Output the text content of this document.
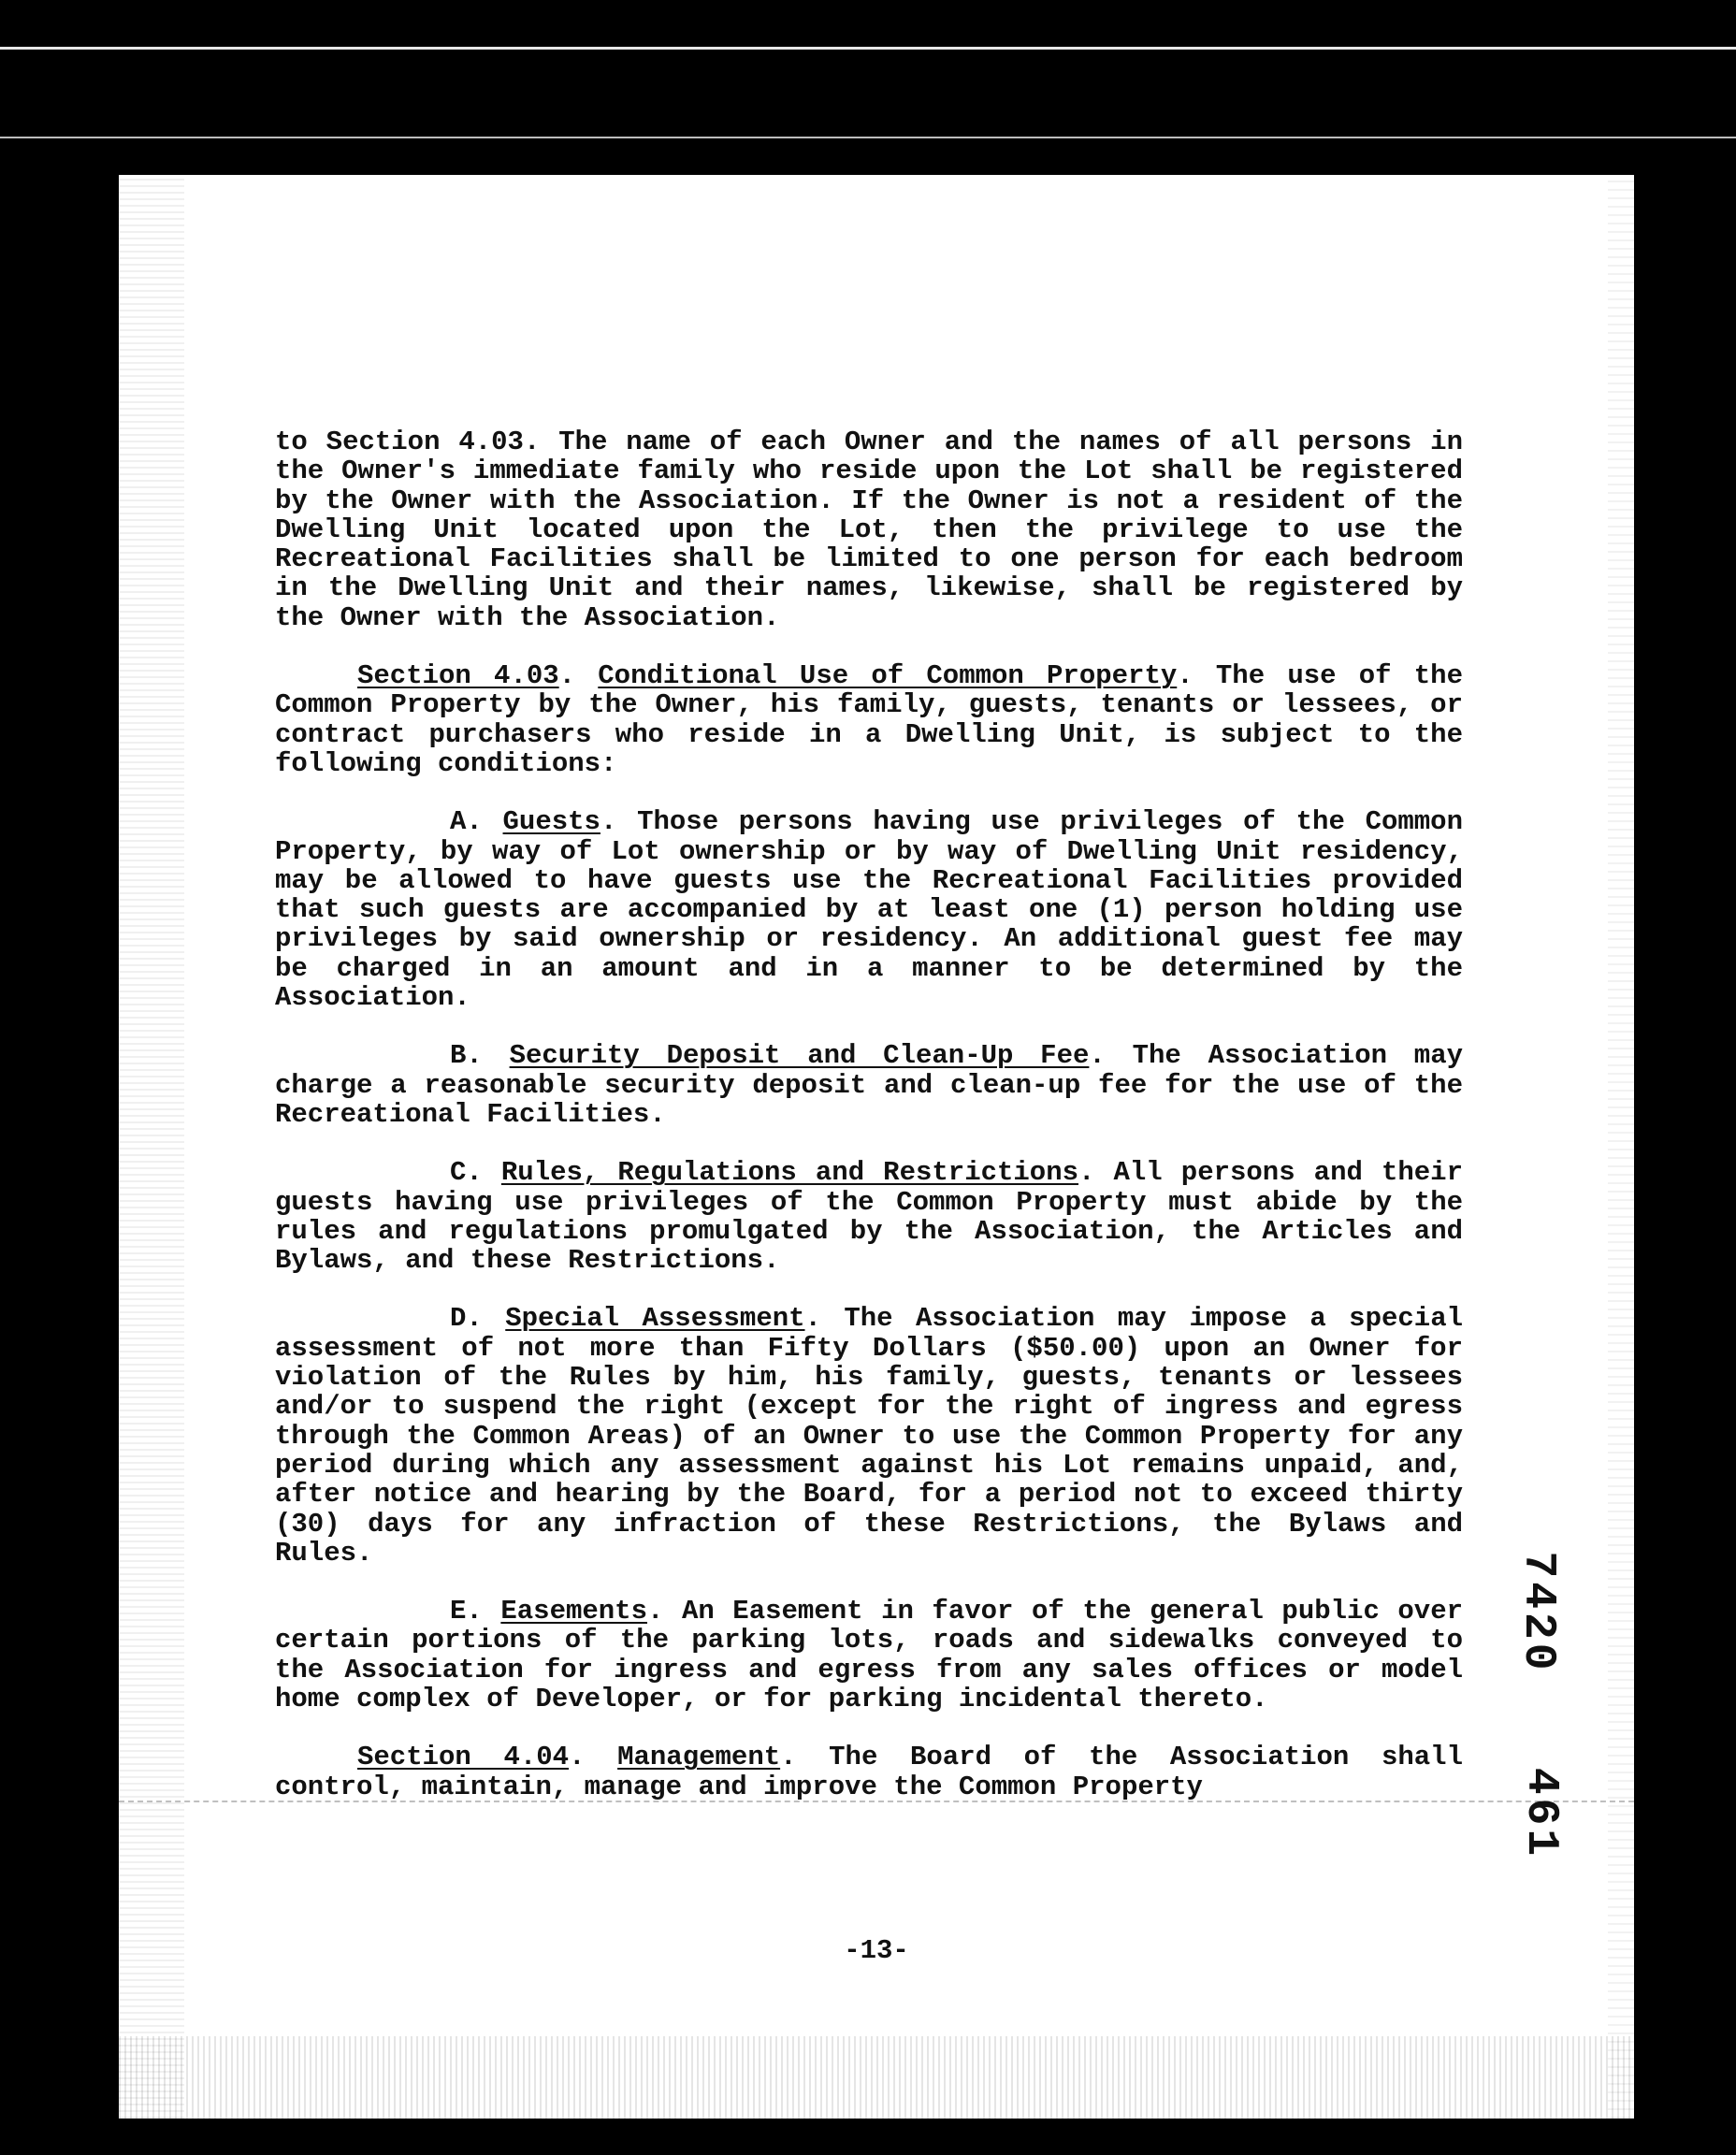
to Section 4.03. The name of each Owner and the names of all persons in the Owner's immediate family who reside upon the Lot shall be registered by the Owner with the Association. If the Owner is not a resident of the Dwelling Unit located upon the Lot, then the privilege to use the Recreational Facilities shall be limited to one person for each bedroom in the Dwelling Unit and their names, likewise, shall be registered by the Owner with the Association.

Section 4.03. Conditional Use of Common Property. The use of the Common Property by the Owner, his family, guests, tenants or lessees, or contract purchasers who reside in a Dwelling Unit, is subject to the following conditions:

A. Guests. Those persons having use privileges of the Common Property, by way of Lot ownership or by way of Dwelling Unit residency, may be allowed to have guests use the Recreational Facilities provided that such guests are accompanied by at least one (1) person holding use privileges by said ownership or residency. An additional guest fee may be charged in an amount and in a manner to be determined by the Association.

B. Security Deposit and Clean-Up Fee. The Association may charge a reasonable security deposit and clean-up fee for the use of the Recreational Facilities.

C. Rules, Regulations and Restrictions. All persons and their guests having use privileges of the Common Property must abide by the rules and regulations promulgated by the Association, the Articles and Bylaws, and these Restrictions.

D. Special Assessment. The Association may impose a special assessment of not more than Fifty Dollars ($50.00) upon an Owner for violation of the Rules by him, his family, guests, tenants or lessees and/or to suspend the right (except for the right of ingress and egress through the Common Areas) of an Owner to use the Common Property for any period during which any assessment against his Lot remains unpaid, and, after notice and hearing by the Board, for a period not to exceed thirty (30) days for any infraction of these Restrictions, the Bylaws and Rules.

E. Easements. An Easement in favor of the general public over certain portions of the parking lots, roads and sidewalks conveyed to the Association for ingress and egress from any sales offices or model home complex of Developer, or for parking incidental thereto.

Section 4.04. Management. The Board of the Association shall control, maintain, manage and improve the Common Property

-13-
7420
461
